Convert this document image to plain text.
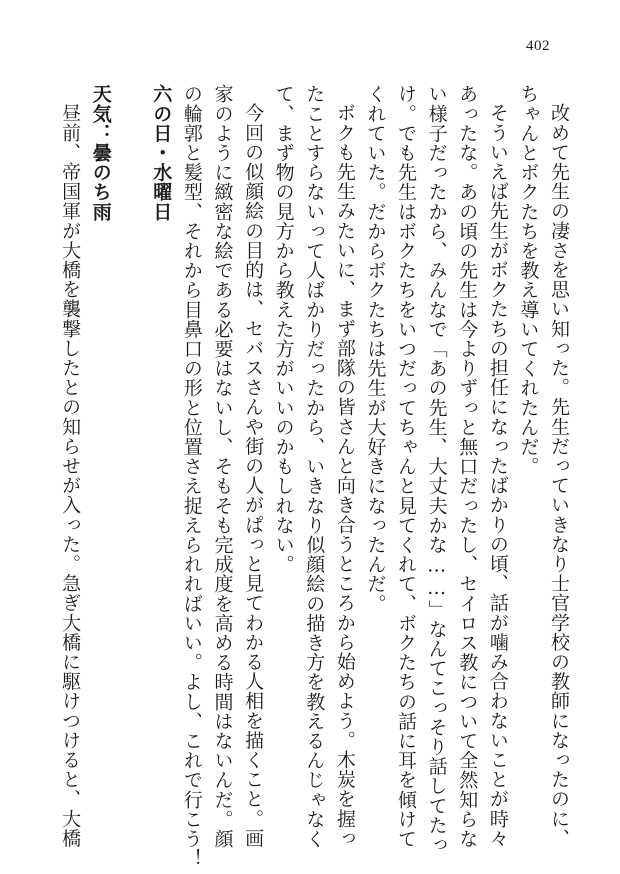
402
改めて先生の凄さを思い知った。先生だっていきなり士官学校の教師になったのに、
ちゃんとボクたちを教え導いてくれたんだ。
そういえば先生がボクたちの担任になったばかりの頃、話が噛み合わないことが時々
あったな。あの頃の先生は今よりずっと無口だったし、セイロス教について全然知らな
い様子だったから、みんなで「あの先生、大丈夫かな……」なんてこっそり話してたっ
け。でも先生はボクたちをいつだってちゃんと見てくれて、ボクたちの話に耳を傾けて
くれていた。だからボクたちは先生が大好きになったんだ。
ボクも先生みたいに、まず部隊の皆さんと向き合うところから始めよう。木炭を握っ
たことすらないって人ばかりだったから、いきなり似顔絵の描き方を教えるんじゃなく
て、まず物の見方から教えた方がいいのかもしれない。
今回の似顔絵の目的は、セバスさんや街の人がぱっと見てわかる人相を描くこと。画
家のように緻密な絵である必要はないし、そもそも完成度を高める時間はないんだ。顔
の輪郭と髪型、それから目鼻口の形と位置さえ捉えられればいい。よし、これで行こう！
六の日・水曜日
天気：曇のち雨
昼前、帝国軍が大橋を襲撃したとの知らせが入った。急ぎ大橋に駆けつけると、大橋
